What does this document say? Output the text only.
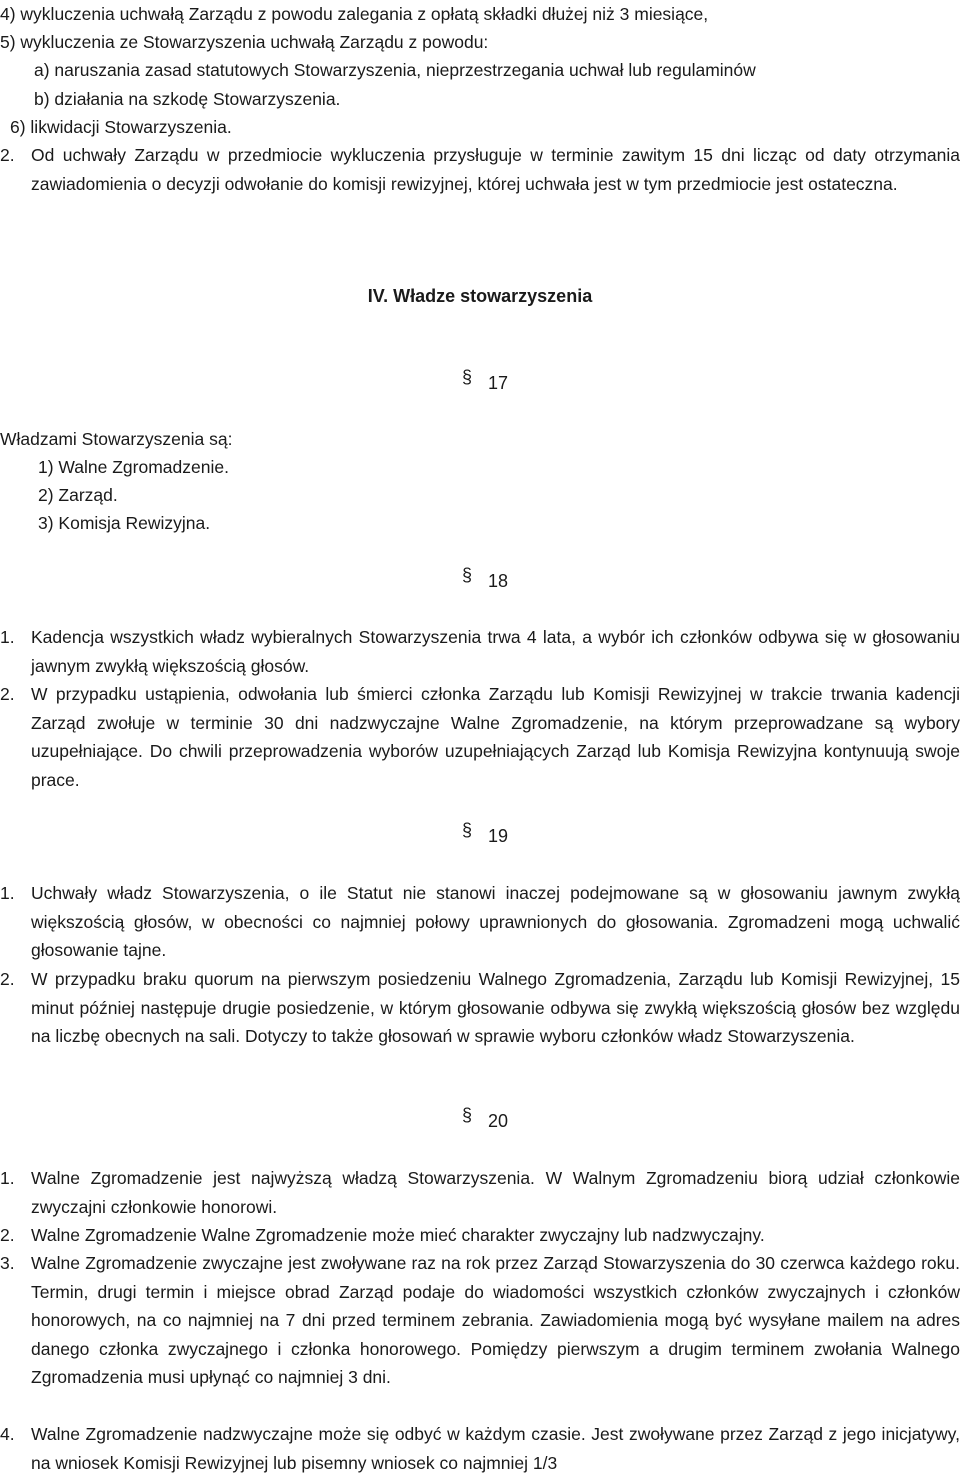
4) wykluczenia uchwałą Zarządu z powodu zalegania z opłatą składki dłużej niż 3 miesiące,
5) wykluczenia ze Stowarzyszenia uchwałą Zarządu z powodu:
a) naruszania zasad statutowych Stowarzyszenia, nieprzestrzegania uchwał lub regulaminów
b) działania na szkodę Stowarzyszenia.
6) likwidacji Stowarzyszenia.
2. Od uchwały Zarządu w przedmiocie wykluczenia przysługuje w terminie zawitym 15 dni licząc od daty otrzymania zawiadomienia o decyzji odwołanie do komisji rewizyjnej, której uchwała jest w tym przedmiocie jest ostateczna.
IV. Władze stowarzyszenia
§ 17
Władzami Stowarzyszenia są:
1) Walne Zgromadzenie.
2) Zarząd.
3) Komisja Rewizyjna.
§ 18
1. Kadencja wszystkich władz wybieralnych Stowarzyszenia trwa 4 lata, a wybór ich członków odbywa się w głosowaniu jawnym zwykłą większością głosów.
2. W przypadku ustąpienia, odwołania lub śmierci członka Zarządu lub Komisji Rewizyjnej w trakcie trwania kadencji Zarząd zwołuje w terminie 30 dni nadzwyczajne Walne Zgromadzenie, na którym przeprowadzane są wybory uzupełniające. Do chwili przeprowadzenia wyborów uzupełniających Zarząd lub Komisja Rewizyjna kontynuują swoje prace.
§ 19
1. Uchwały władz Stowarzyszenia, o ile Statut nie stanowi inaczej podejmowane są w głosowaniu jawnym zwykłą większością głosów, w obecności co najmniej połowy uprawnionych do głosowania. Zgromadzeni mogą uchwalić głosowanie tajne.
2. W przypadku braku quorum na pierwszym posiedzeniu Walnego Zgromadzenia, Zarządu lub Komisji Rewizyjnej, 15 minut później następuje drugie posiedzenie, w którym głosowanie odbywa się zwykłą większością głosów bez względu na liczbę obecnych na sali. Dotyczy to także głosowań w sprawie wyboru członków władz Stowarzyszenia.
§ 20
1. Walne Zgromadzenie jest najwyższą władzą Stowarzyszenia. W Walnym Zgromadzeniu biorą udział członkowie zwyczajni członkowie honorowi.
2. Walne Zgromadzenie Walne Zgromadzenie może mieć charakter zwyczajny lub nadzwyczajny.
3. Walne Zgromadzenie zwyczajne jest zwoływane raz na rok przez Zarząd Stowarzyszenia do 30 czerwca każdego roku. Termin, drugi termin i miejsce obrad Zarząd podaje do wiadomości wszystkich członków zwyczajnych i członków honorowych, na co najmniej na 7 dni przed terminem zebrania. Zawiadomienia mogą być wysyłane mailem na adres danego członka zwyczajnego i członka honorowego. Pomiędzy pierwszym a drugim terminem zwołania Walnego Zgromadzenia musi upłynąć co najmniej 3 dni.
4. Walne Zgromadzenie nadzwyczajne może się odbyć w każdym czasie. Jest zwoływane przez Zarząd z jego inicjatywy, na wniosek Komisji Rewizyjnej lub pisemny wniosek co najmniej 1/3
